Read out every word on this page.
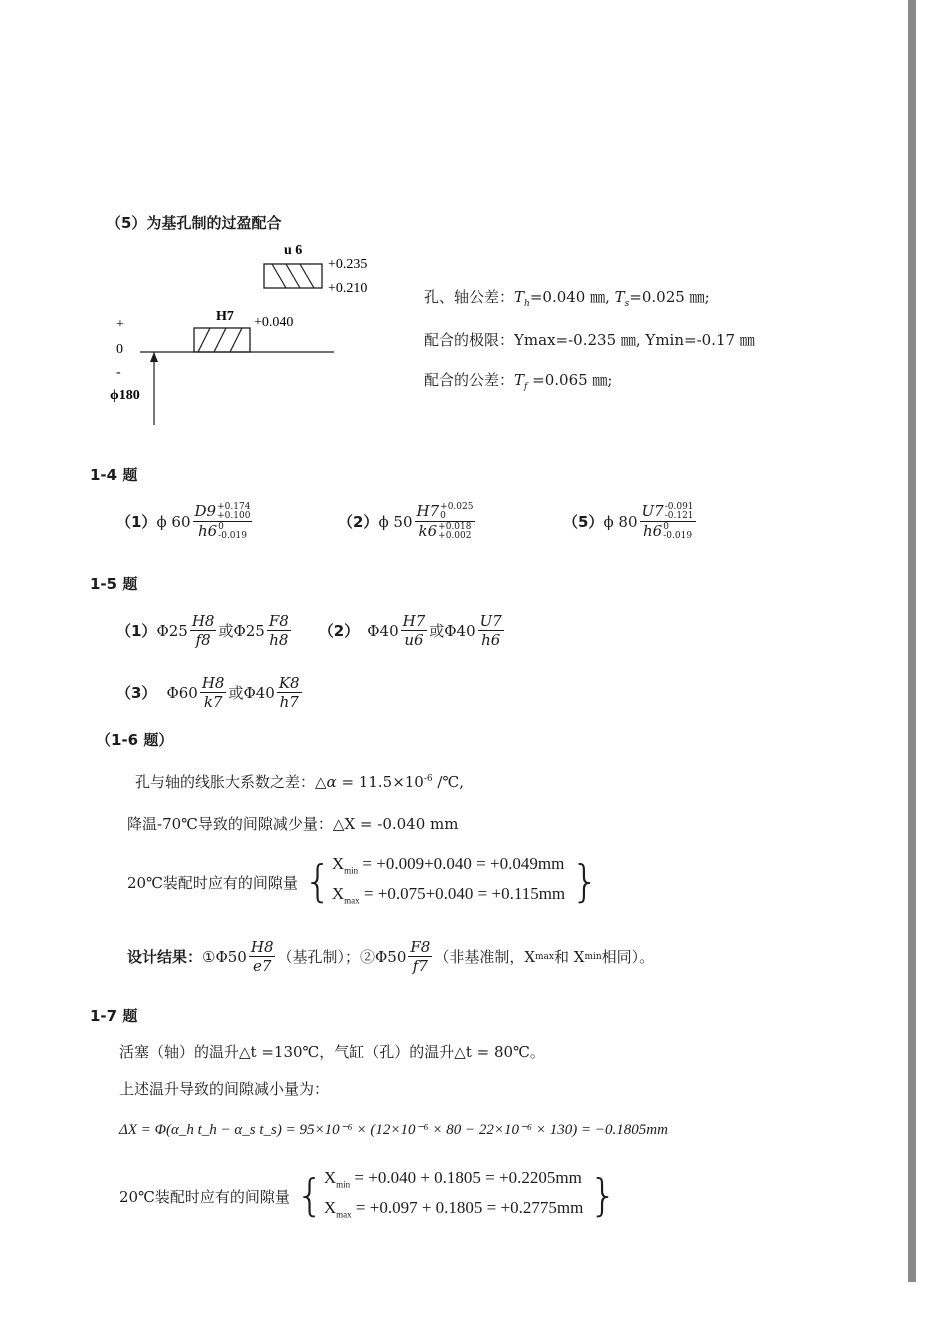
（5）为基孔制的过盈配合
u 6
+0.235
+0.210
H7 +0.040
+
0
-
ϕ180
孔、轴公差：$T_h=0.040$ ㎜, $T_s=0.025$ ㎜;
配合的极限：Ymax=-0.235 ㎜, Ymin=-0.17 ㎜
配合的公差：$T_f =0.065$ ㎜;
1-4 题
（1） ϕ 60 D9 +0.174
+0.100
h6 0
-0.019	（2） ϕ 50 H7 +0.025
0
k6 +0.018
+0.002	（5） ϕ 80 U7 -0.091
-0.121
h6 0
-0.019
1-5 题
（1） $\Phi 25 \frac{H8}{f8}$ 或$\Phi 25 \frac{F8}{h8} (2)$ $\Phi 40 \frac{H7}{u6}$ 或$\Phi 40 \frac{U7}{h6}$
（3） $\Phi 60 \frac{H8}{k7}$ 或$\Phi 40 \frac{K8}{h7}$
（1-6 题）
孔与轴的线胀大系数之差：△α = $11.5\times 10^{-6}$ /℃,
降温-70℃导致的间隙减少量：△X = -0.040 mm
20℃装配时应有的间隙量 { $X_{min} = +0.009+0.040 = +0.049mm$
$X_{max} = +0.075+0.040 = +0.115mm$ }
设计结果： ①Φ50 $\frac{H8}{e7}$ （基孔制）；②Φ50 $\frac{F8}{f7}$ （非基准制，X max 和 X min 相同）。
1-7 题
活塞（轴）的温升△t =130℃，气缸（孔）的温升△t = 80℃。
上述温升导致的间隙减小量为：
ΔX = Φ(α_h t_h − α_s t_s) = 95×10⁻⁶ × (12×10⁻⁶ × 80 − 22×10⁻⁶ × 130) = −0.1805mm
20℃装配时应有的间隙量 { $X_{min} = +0.040 + 0.1805 = +0.2205mm$
$X_{max} = +0.097 + 0.1805 = +0.2775mm$ }
